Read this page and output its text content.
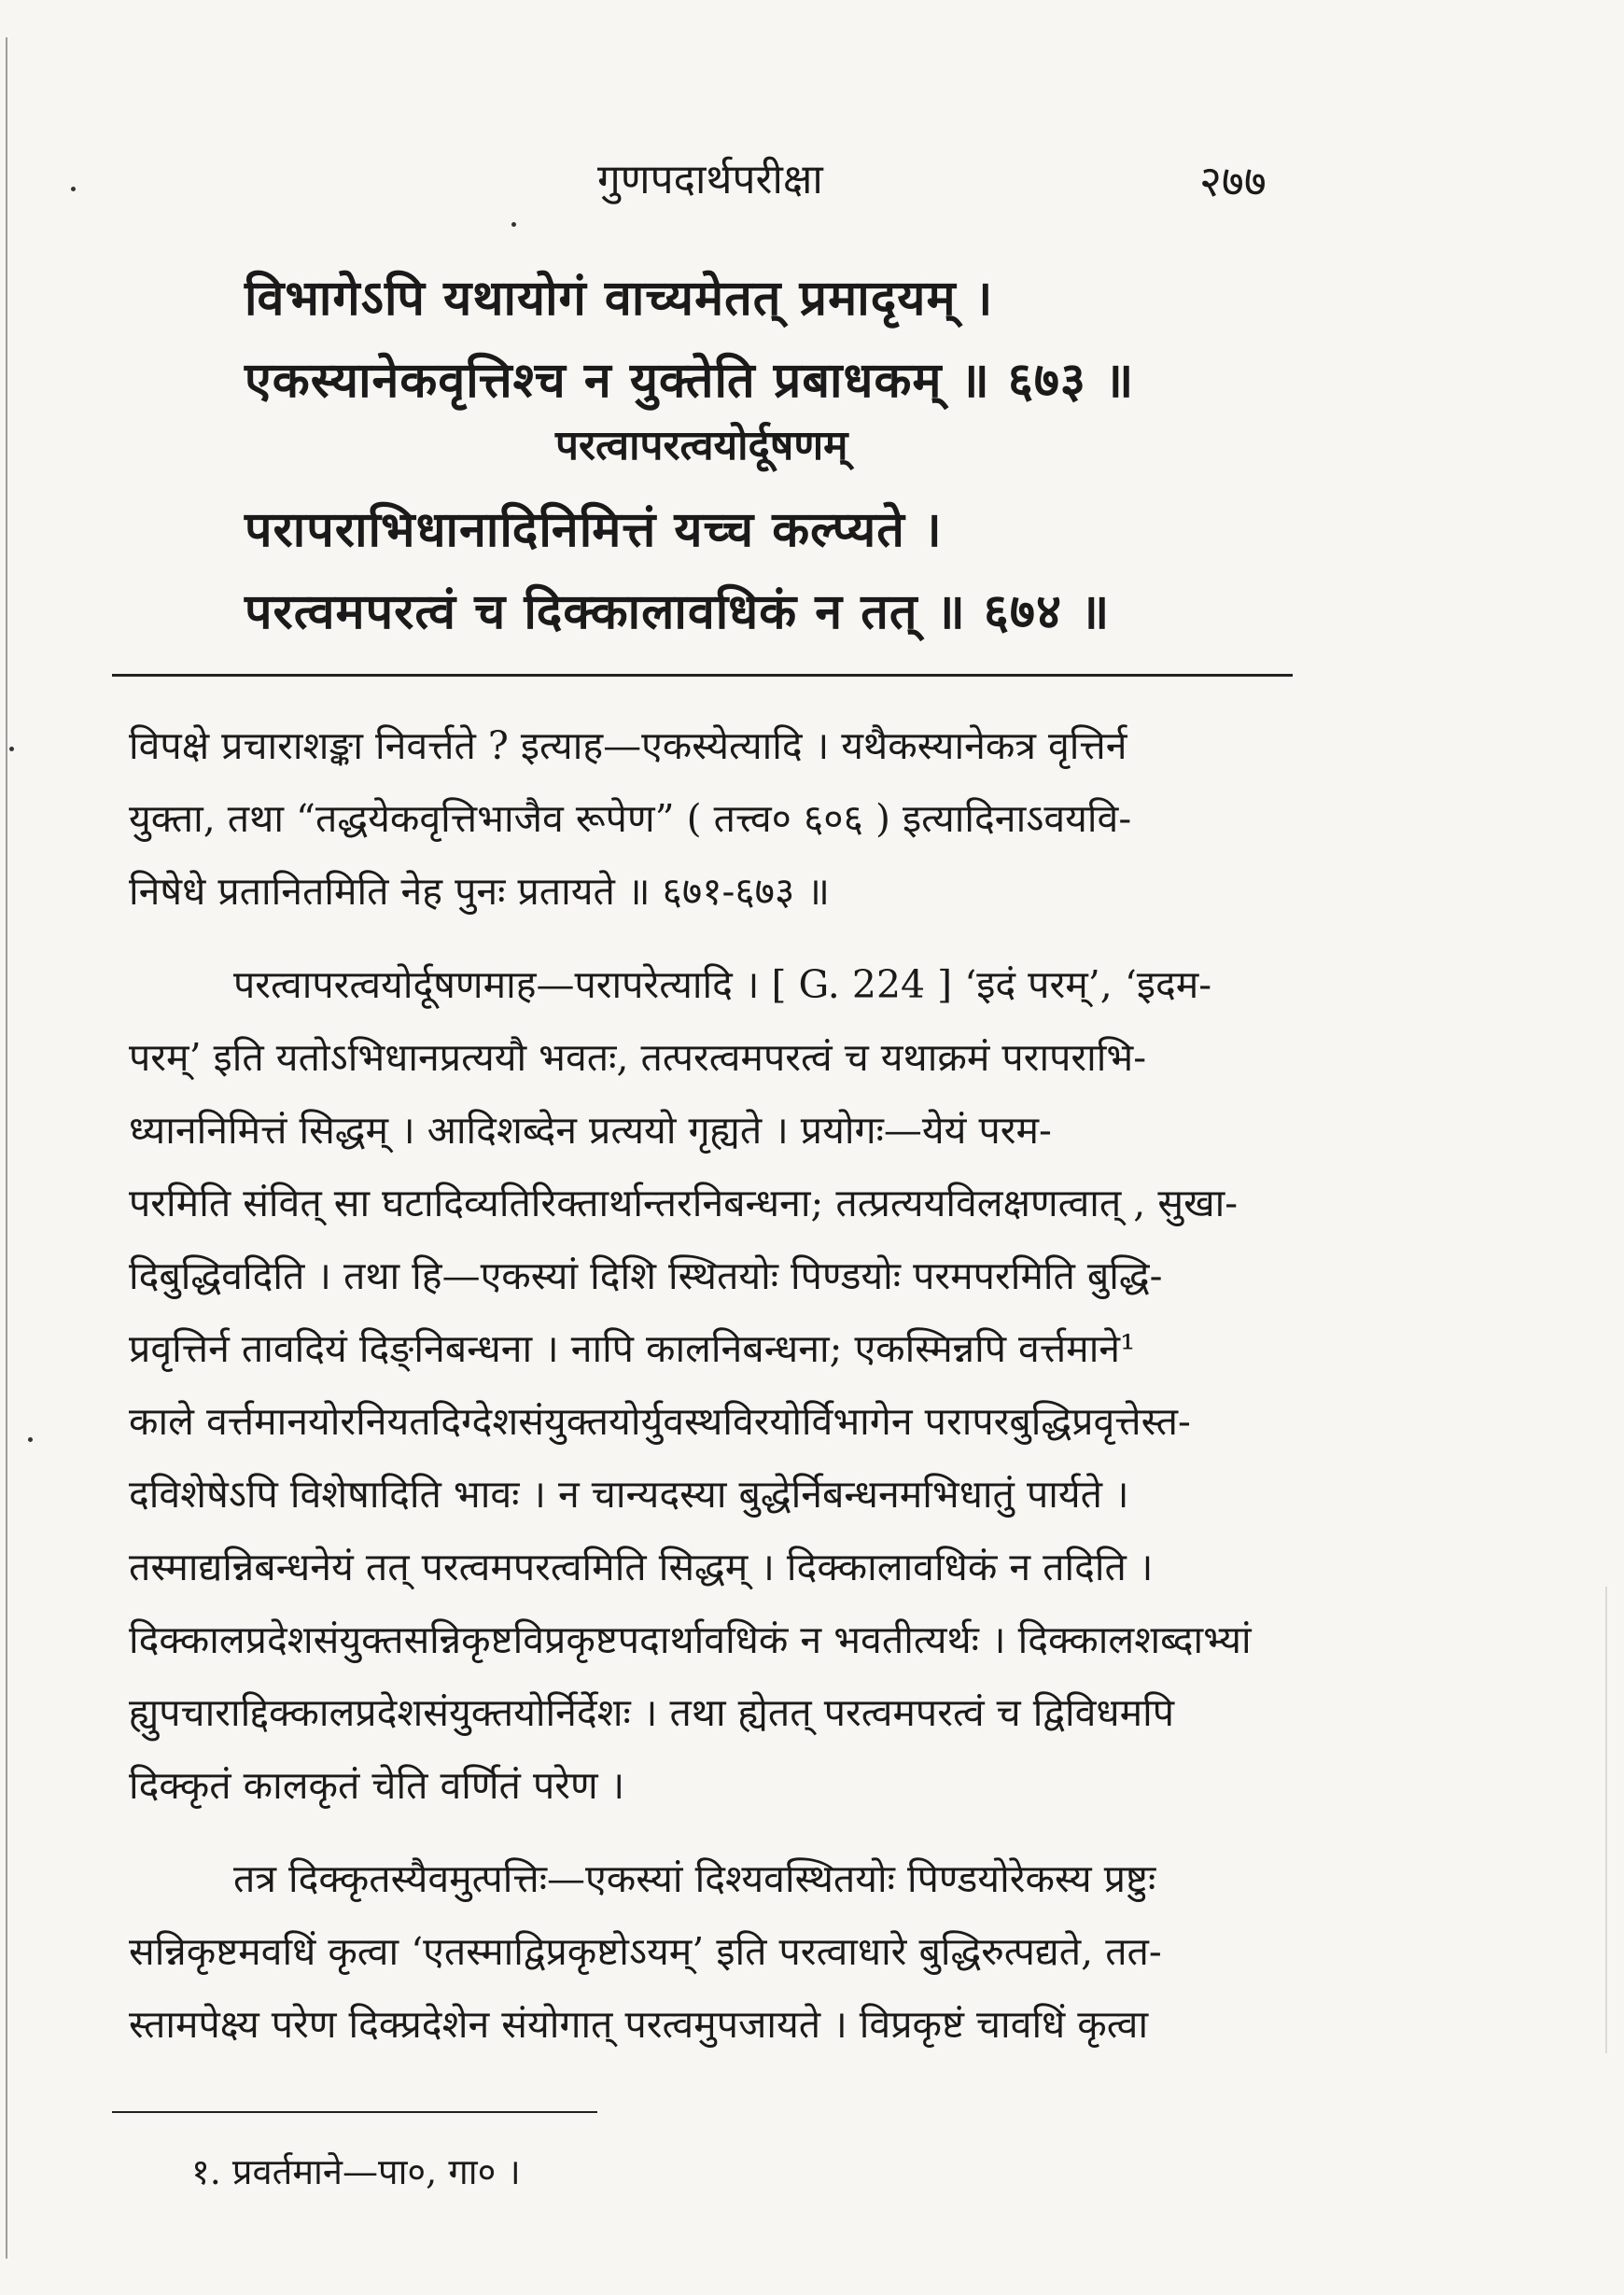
गुणपदार्थपरीक्षा	२७७
विभागेऽपि यथायोगं वाच्यमेतत् प्रमादृयम् ।
एकस्यानेकवृत्तिश्च न युक्तेति प्रबाधकम् ॥ ६७३ ॥
परत्वापरत्वयोर्दूषणम्
परापराभिधानादिनिमित्तं यच्च कल्प्यते ।
परत्वमपरत्वं च दिक्कालावधिकं न तत् ॥ ६७४ ॥
विपक्षे प्रचाराशङ्का निवर्त्तते ? इत्याह—एकस्येत्यादि । यथैकस्यानेकत्र वृत्तिर्न
युक्ता, तथा “तद्धयेकवृत्तिभाजैव रूपेण” ( तत्त्व० ६०६ ) इत्यादिनाऽवयवि-
निषेधे प्रतानितमिति नेह पुनः प्रतायते ॥ ६७१-६७३ ॥
परत्वापरत्वयोर्दूषणमाह—परापरेत्यादि । [ G. 224 ] ‘इदं परम्’, ‘इदम-
परम्’ इति यतोऽभिधानप्रत्ययौ भवतः, तत्परत्वमपरत्वं च यथाक्रमं परापराभि-
ध्याननिमित्तं सिद्धम् । आदिशब्देन प्रत्ययो गृह्यते । प्रयोगः—येयं परम-
परमिति संवित् सा घटादिव्यतिरिक्तार्थान्तरनिबन्धना; तत्प्रत्ययविलक्षणत्वात् , सुखा-
दिबुद्धिवदिति । तथा हि—एकस्यां दिशि स्थितयोः पिण्डयोः परमपरमिति बुद्धि-
प्रवृत्तिर्न तावदियं दिङ्निबन्धना । नापि कालनिबन्धना; एकस्मिन्नपि वर्त्तमाने¹
काले वर्त्तमानयोरनियतदिग्देशसंयुक्तयोर्युवस्थविरयोर्विभागेन परापरबुद्धिप्रवृत्तेस्त-
दविशेषेऽपि विशेषादिति भावः । न चान्यदस्या बुद्धेर्निबन्धनमभिधातुं पार्यते ।
तस्माद्यन्निबन्धनेयं तत् परत्वमपरत्वमिति सिद्धम् । दिक्कालावधिकं न तदिति ।
दिक्कालप्रदेशसंयुक्तसन्निकृष्टविप्रकृष्टपदार्थावधिकं न भवतीत्यर्थः । दिक्कालशब्दाभ्यां
ह्युपचाराद्दिक्कालप्रदेशसंयुक्तयोर्निर्देशः । तथा ह्येतत् परत्वमपरत्वं च द्विविधमपि
दिक्कृतं कालकृतं चेति वर्णितं परेण ।
तत्र दिक्कृतस्यैवमुत्पत्तिः—एकस्यां दिश्यवस्थितयोः पिण्डयोरेकस्य प्रष्टुः
सन्निकृष्टमवधिं कृत्वा ‘एतस्माद्विप्रकृष्टोऽयम्’ इति परत्वाधारे बुद्धिरुत्पद्यते, तत-
स्तामपेक्ष्य परेण दिक्प्रदेशेन संयोगात् परत्वमुपजायते । विप्रकृष्टं चावधिं कृत्वा
१. प्रवर्तमाने—पा०, गा० ।
